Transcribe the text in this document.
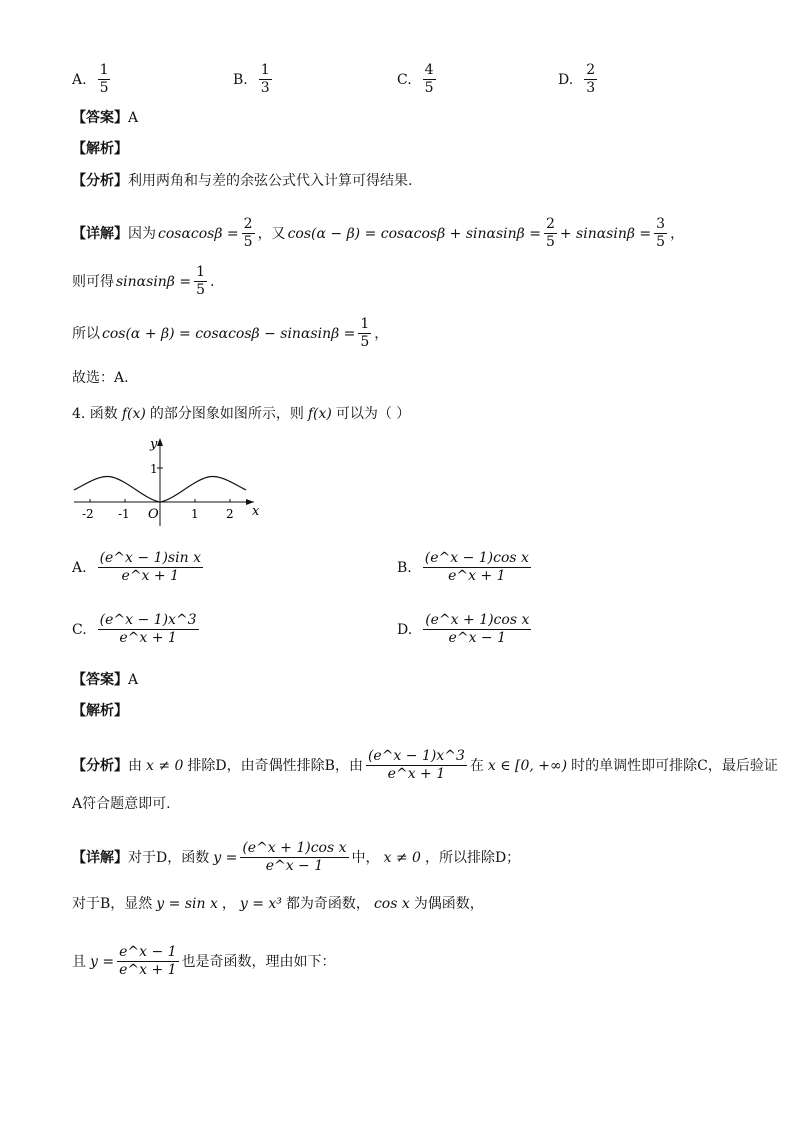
A. $\frac{1}{5}$	B. $\frac{1}{3}$	C. $\frac{4}{5}$	D. $\frac{2}{3}$
【答案】 A
【解析】
【分析】 利用两角和与差的余弦公式代入计算可得结果.
【详解】 因为 $\cos\alpha\cos\beta = \frac{2}{5}$ ，又 $\cos(\alpha - \beta) = \cos\alpha\cos\beta + \sin\alpha\sin\beta = \frac{2}{5} + \sin\alpha\sin\beta = \frac{3}{5}$ ，
则可得 $\sin\alpha\sin\beta = \frac{1}{5}$ .
所以 $\cos(\alpha + \beta) = \cos\alpha\cos\beta - \sin\alpha\sin\beta = \frac{1}{5}$ ，
故选：A.
4. 函数 f(x) 的部分图象如图所示，则 f(x) 可以为（ ）
y
1
x
O
-2 -1	1 2
A. $\frac{\text{(e\textasciicircum{}x − 1)sin x}}{e\^{}x + 1}$	B. $\frac{\text{(e\textasciicircum{}x − 1)cos x}}{e\^{}x + 1}$
C. $\frac{(e\^{}x - 1)x\^{}3}{e\^{}x + 1}$	D. $\frac{\text{(e\textasciicircum{}x + 1)cos x}}{e\^{}x - 1}$
【答案】 A
【解析】
【分析】 由 x ≠ 0 排除D，由奇偶性排除B，由 $\frac{(e\^{}x - 1)x\^{}3}{e\^{}x + 1}$ 在 x ∈ [0, +∞) 时的单调性即可排除C，最后验证
A符合题意即可.
【详解】 对于D，函数 $y = \frac{\text{(e\textasciicircum{}x + 1)cos x}}{e\^{}x - 1}$ 中， x ≠ 0 ，所以排除D；
对于B，显然 y = sin x ， y = x³ 都为奇函数， cos x 为偶函数，
且 $y = \frac{e\^{}x - 1}{e\^{}x + 1}$ 也是奇函数，理由如下：
